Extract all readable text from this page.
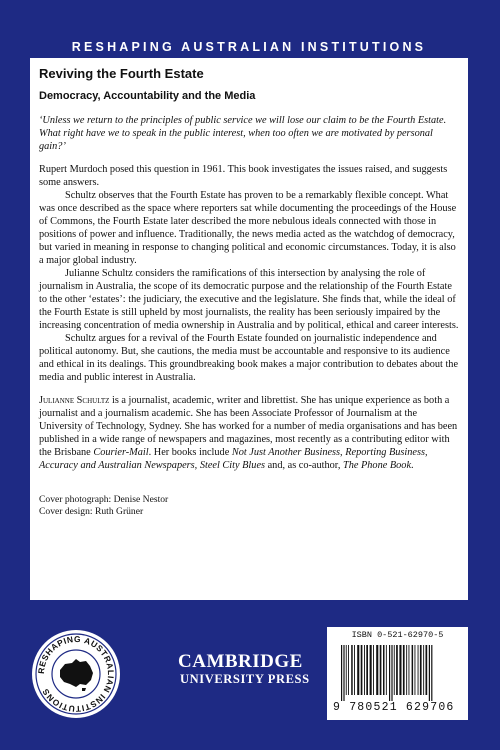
RESHAPING AUSTRALIAN INSTITUTIONS
Reviving the Fourth Estate
Democracy, Accountability and the Media

‘Unless we return to the principles of public service we will lose our claim to be the Fourth Estate. What right have we to speak in the public interest, when too often we are motivated by personal gain?’

Rupert Murdoch posed this question in 1961. This book investigates the issues raised, and suggests some answers.

Schultz observes that the Fourth Estate has proven to be a remarkably flexible concept. What was once described as the space where reporters sat while documenting the proceedings of the House of Commons, the Fourth Estate later described the more nebulous ideals connected with those in positions of power and influence. Traditionally, the news media acted as the watchdog of democracy, but varied in meaning in response to changing political and economic circumstances. Today, it is also a major global industry.

Julianne Schultz considers the ramifications of this intersection by analysing the role of journalism in Australia, the scope of its democratic purpose and the relationship of the Fourth Estate to the other ‘estates’: the judiciary, the executive and the legislature. She finds that, while the ideal of the Fourth Estate is still upheld by most journalists, the reality has been seriously impaired by the increasing concentration of media ownership in Australia and by political, ethical and career interests.

Schultz argues for a revival of the Fourth Estate founded on journalistic independence and political autonomy. But, she cautions, the media must be accountable and responsive to its audience and ethical in its dealings. This groundbreaking book makes a major contribution to debates about the media and public interest in Australia.

Julianne Schultz is a journalist, academic, writer and librettist. She has unique experience as both a journalist and a journalism academic. She has been Associate Professor of Journalism at the University of Technology, Sydney. She has worked for a number of media organisations and has been published in a wide range of newspapers and magazines, most recently as a contributing editor with the Brisbane Courier-Mail. Her books include Not Just Another Business, Reporting Business, Accuracy and Australian Newspapers, Steel City Blues and, as co-author, The Phone Book.

Cover photograph: Denise Nestor
Cover design: Ruth Grüner
RESHAPING AUSTRALIAN INSTITUTIONS
CAMBRIDGE
UNIVERSITY PRESS
ISBN 0-521-62970-5
9 780521 629706
